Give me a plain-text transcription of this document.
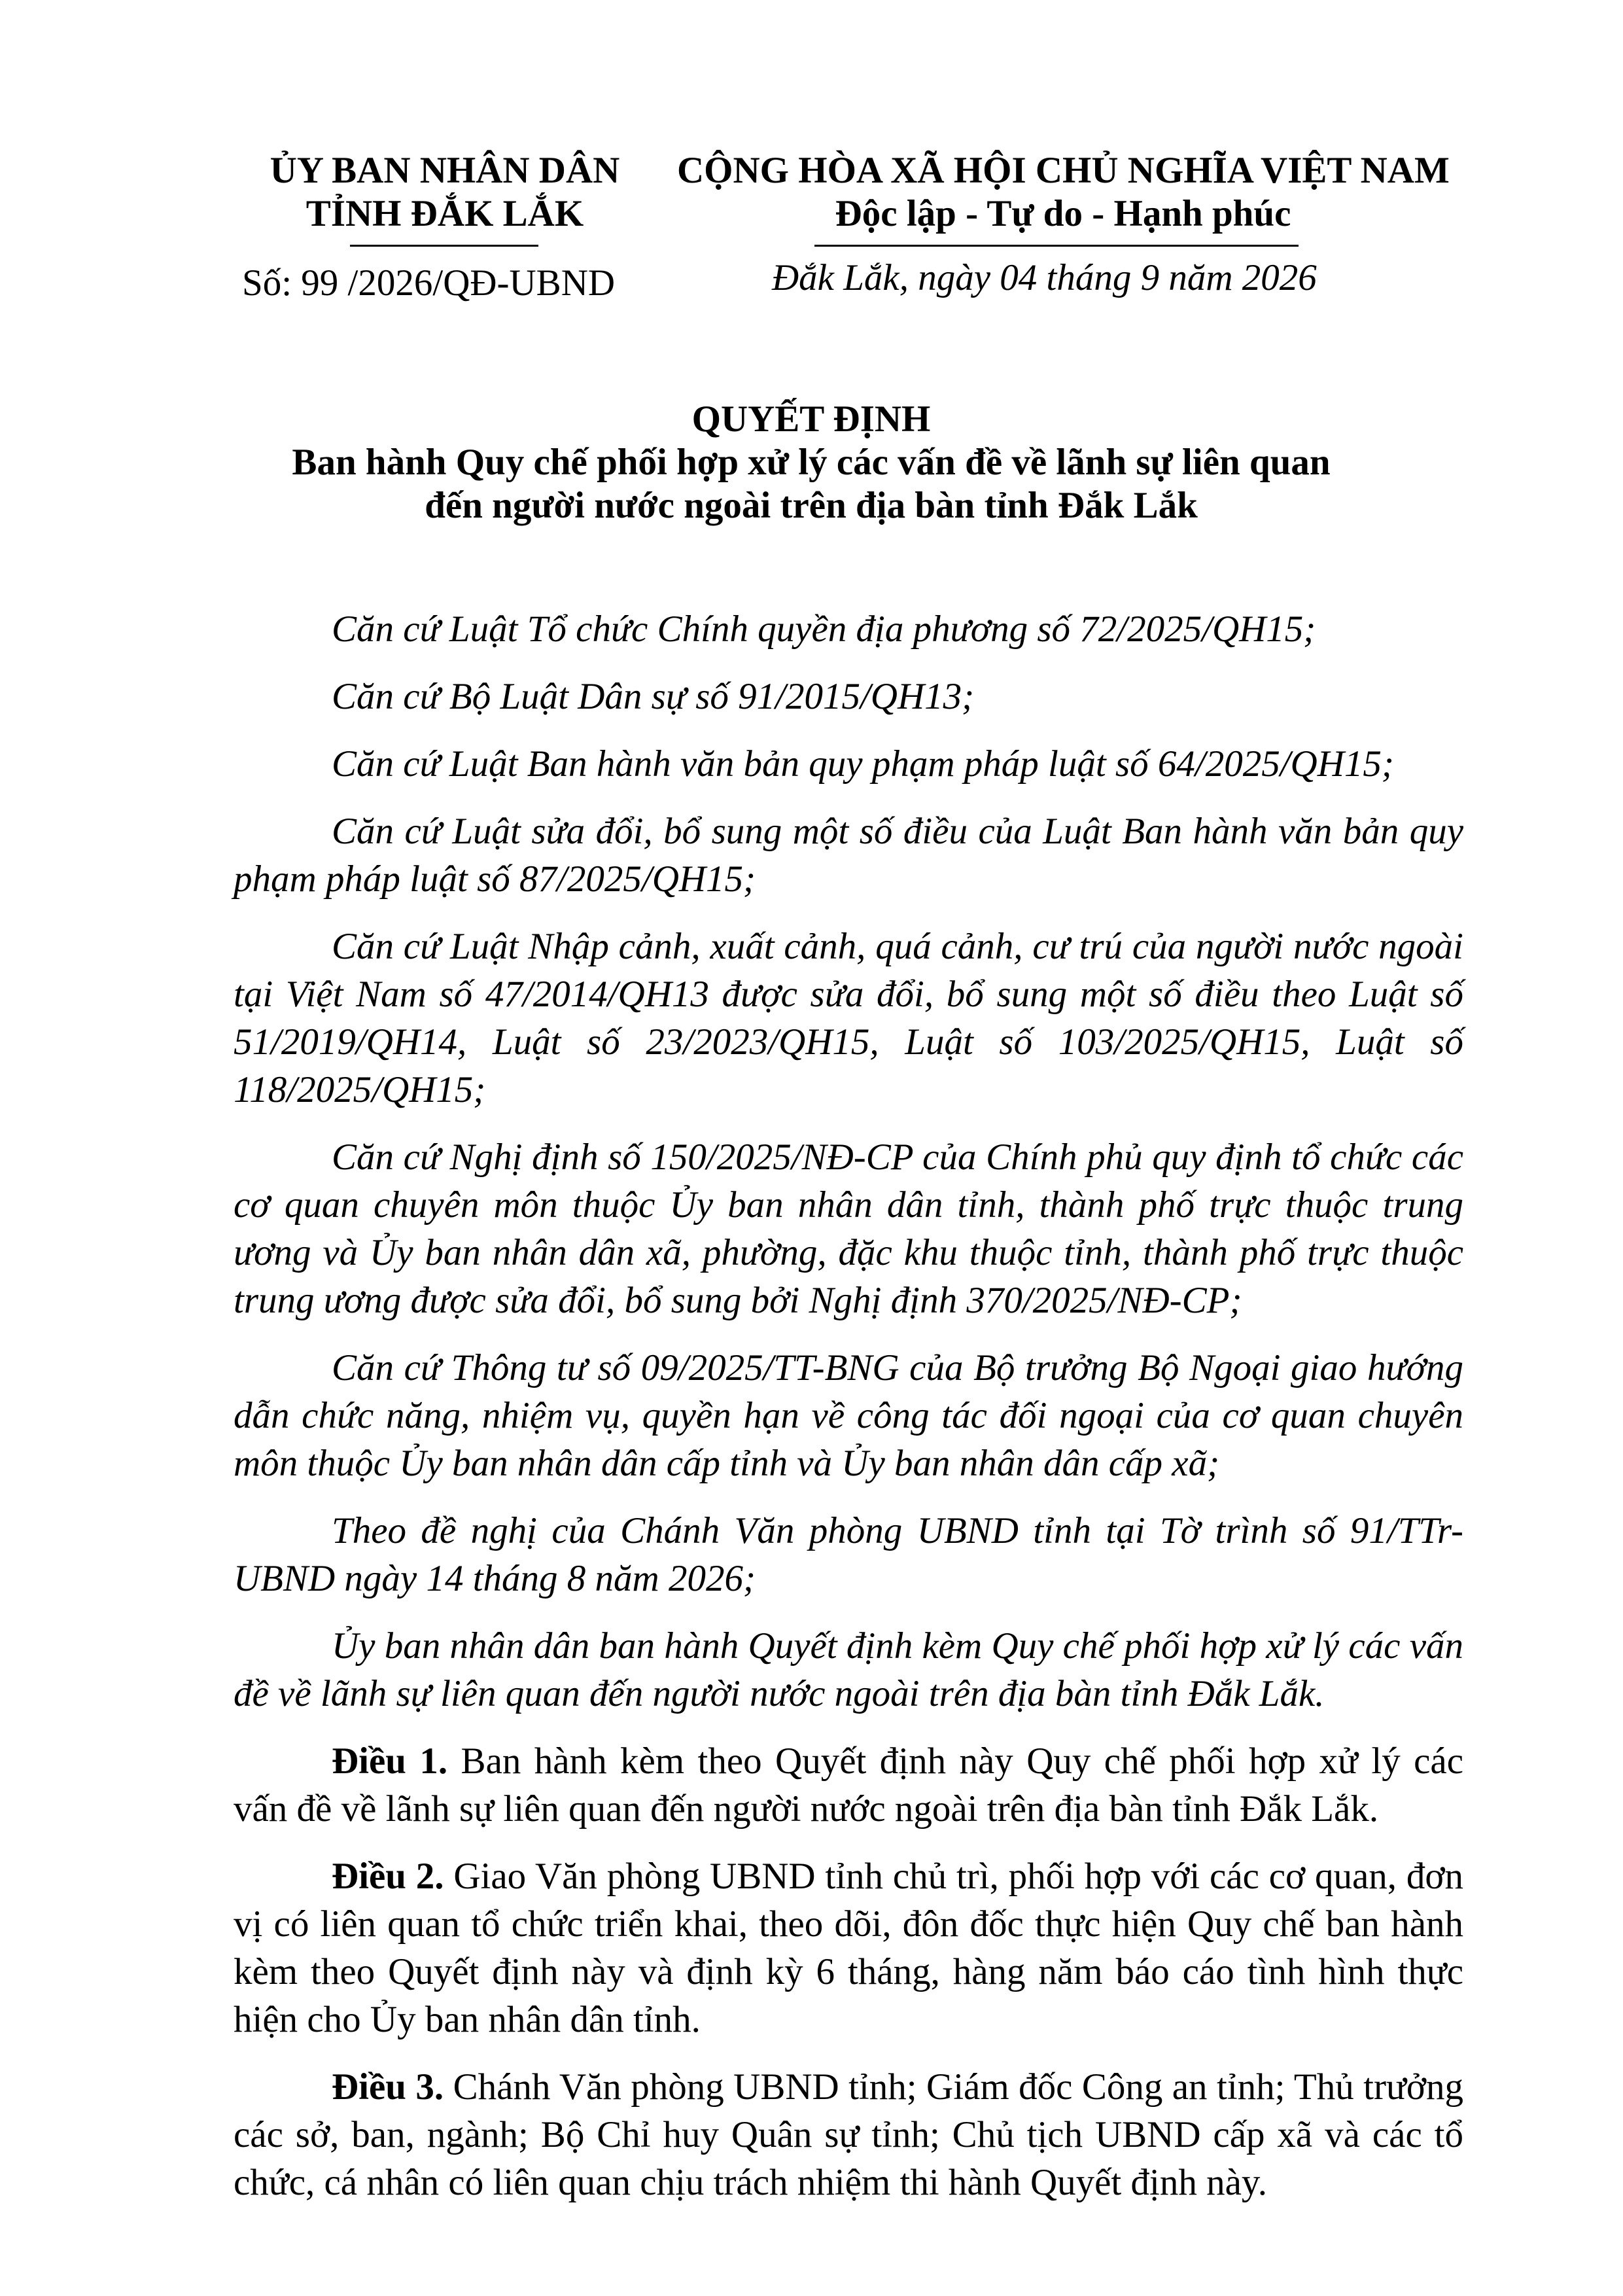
ỦY BAN NHÂN DÂN
TỈNH ĐẮK LẮK
CỘNG HÒA XÃ HỘI CHỦ NGHĨA VIỆT NAM
Độc lập - Tự do - Hạnh phúc
Số: 99 /2026/QĐ-UBND	Đắk Lắk, ngày 04 tháng 9 năm 2026
QUYẾT ĐỊNH
Ban hành Quy chế phối hợp xử lý các vấn đề về lãnh sự liên quan
đến người nước ngoài trên địa bàn tỉnh Đắk Lắk

Căn cứ Luật Tổ chức Chính quyền địa phương số 72/2025/QH15;

Căn cứ Bộ Luật Dân sự số 91/2015/QH13;

Căn cứ Luật Ban hành văn bản quy phạm pháp luật số 64/2025/QH15;

Căn cứ Luật sửa đổi, bổ sung một số điều của Luật Ban hành văn bản quy phạm pháp luật số 87/2025/QH15;

Căn cứ Luật Nhập cảnh, xuất cảnh, quá cảnh, cư trú của người nước ngoài tại Việt Nam số 47/2014/QH13 được sửa đổi, bổ sung một số điều theo Luật số 51/2019/QH14, Luật số 23/2023/QH15, Luật số 103/2025/QH15, Luật số 118/2025/QH15;

Căn cứ Nghị định số 150/2025/NĐ-CP của Chính phủ quy định tổ chức các cơ quan chuyên môn thuộc Ủy ban nhân dân tỉnh, thành phố trực thuộc trung ương và Ủy ban nhân dân xã, phường, đặc khu thuộc tỉnh, thành phố trực thuộc trung ương được sửa đổi, bổ sung bởi Nghị định 370/2025/NĐ-CP;

Căn cứ Thông tư số 09/2025/TT-BNG của Bộ trưởng Bộ Ngoại giao hướng dẫn chức năng, nhiệm vụ, quyền hạn về công tác đối ngoại của cơ quan chuyên môn thuộc Ủy ban nhân dân cấp tỉnh và Ủy ban nhân dân cấp xã;

Theo đề nghị của Chánh Văn phòng UBND tỉnh tại Tờ trình số 91/TTr-UBND ngày 14 tháng 8 năm 2026;

Ủy ban nhân dân ban hành Quyết định kèm Quy chế phối hợp xử lý các vấn đề về lãnh sự liên quan đến người nước ngoài trên địa bàn tỉnh Đắk Lắk.

Điều 1. Ban hành kèm theo Quyết định này Quy chế phối hợp xử lý các vấn đề về lãnh sự liên quan đến người nước ngoài trên địa bàn tỉnh Đắk Lắk.

Điều 2. Giao Văn phòng UBND tỉnh chủ trì, phối hợp với các cơ quan, đơn vị có liên quan tổ chức triển khai, theo dõi, đôn đốc thực hiện Quy chế ban hành kèm theo Quyết định này và định kỳ 6 tháng, hàng năm báo cáo tình hình thực hiện cho Ủy ban nhân dân tỉnh.

Điều 3. Chánh Văn phòng UBND tỉnh; Giám đốc Công an tỉnh; Thủ trưởng các sở, ban, ngành; Bộ Chỉ huy Quân sự tỉnh; Chủ tịch UBND cấp xã và các tổ chức, cá nhân có liên quan chịu trách nhiệm thi hành Quyết định này.
